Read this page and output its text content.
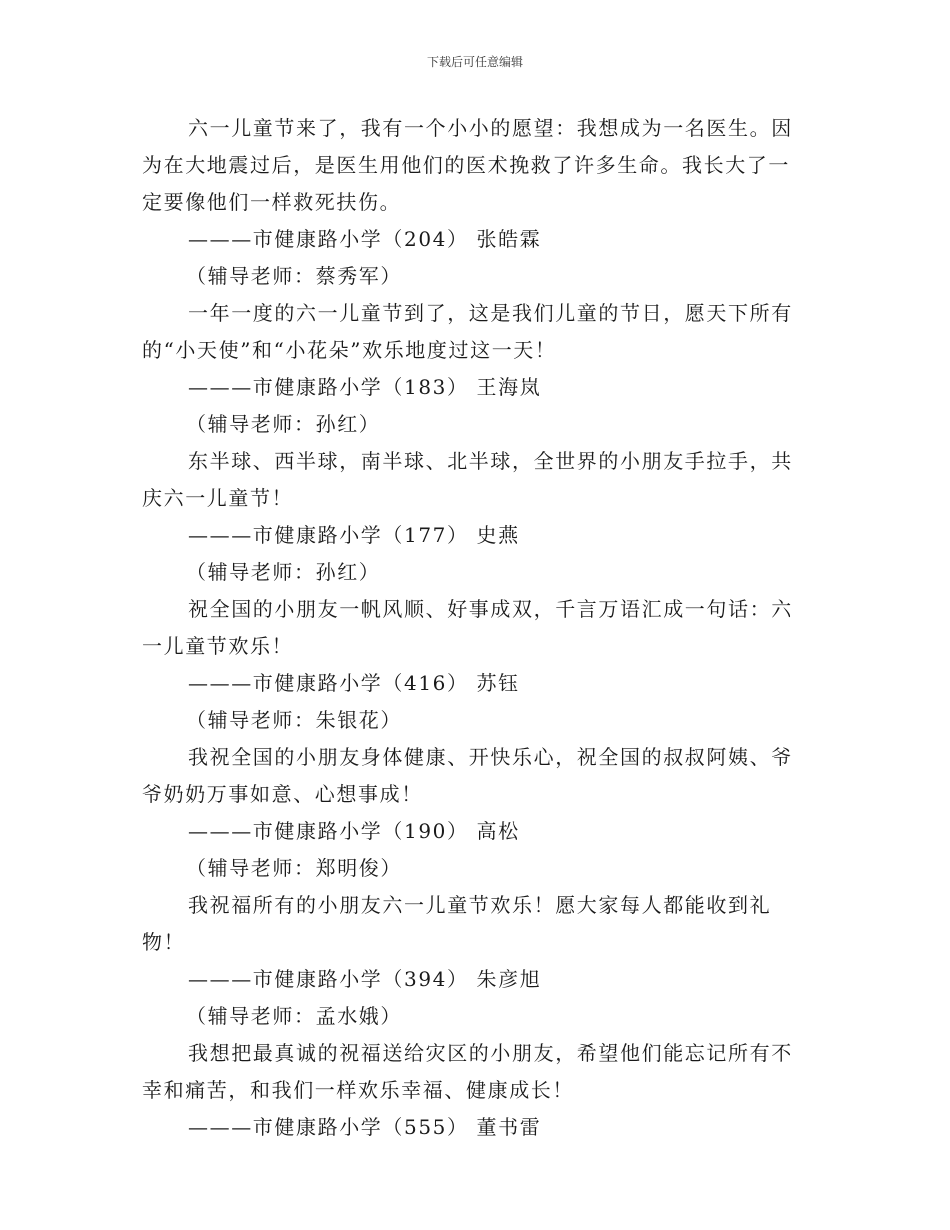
下载后可任意编辑

六一儿童节来了，我有一个小小的愿望：我想成为一名医生。因为在大地震过后，是医生用他们的医术挽救了许多生命。我长大了一定要像他们一样救死扶伤。

———市健康路小学（204） 张皓霖

（辅导老师：蔡秀军）

一年一度的六一儿童节到了，这是我们儿童的节日，愿天下所有的“小天使”和“小花朵”欢乐地度过这一天！

———市健康路小学（183） 王海岚

（辅导老师：孙红）

东半球、西半球，南半球、北半球，全世界的小朋友手拉手，共庆六一儿童节！

———市健康路小学（177） 史燕

（辅导老师：孙红）

祝全国的小朋友一帆风顺、好事成双，千言万语汇成一句话：六一儿童节欢乐！

———市健康路小学（416） 苏钰

（辅导老师：朱银花）

我祝全国的小朋友身体健康、开快乐心，祝全国的叔叔阿姨、爷爷奶奶万事如意、心想事成！

———市健康路小学（190） 高松

（辅导老师：郑明俊）

我祝福所有的小朋友六一儿童节欢乐！愿大家每人都能收到礼物！

———市健康路小学（394） 朱彦旭

（辅导老师：孟水娥）

我想把最真诚的祝福送给灾区的小朋友，希望他们能忘记所有不幸和痛苦，和我们一样欢乐幸福、健康成长！

———市健康路小学（555） 董书雷
